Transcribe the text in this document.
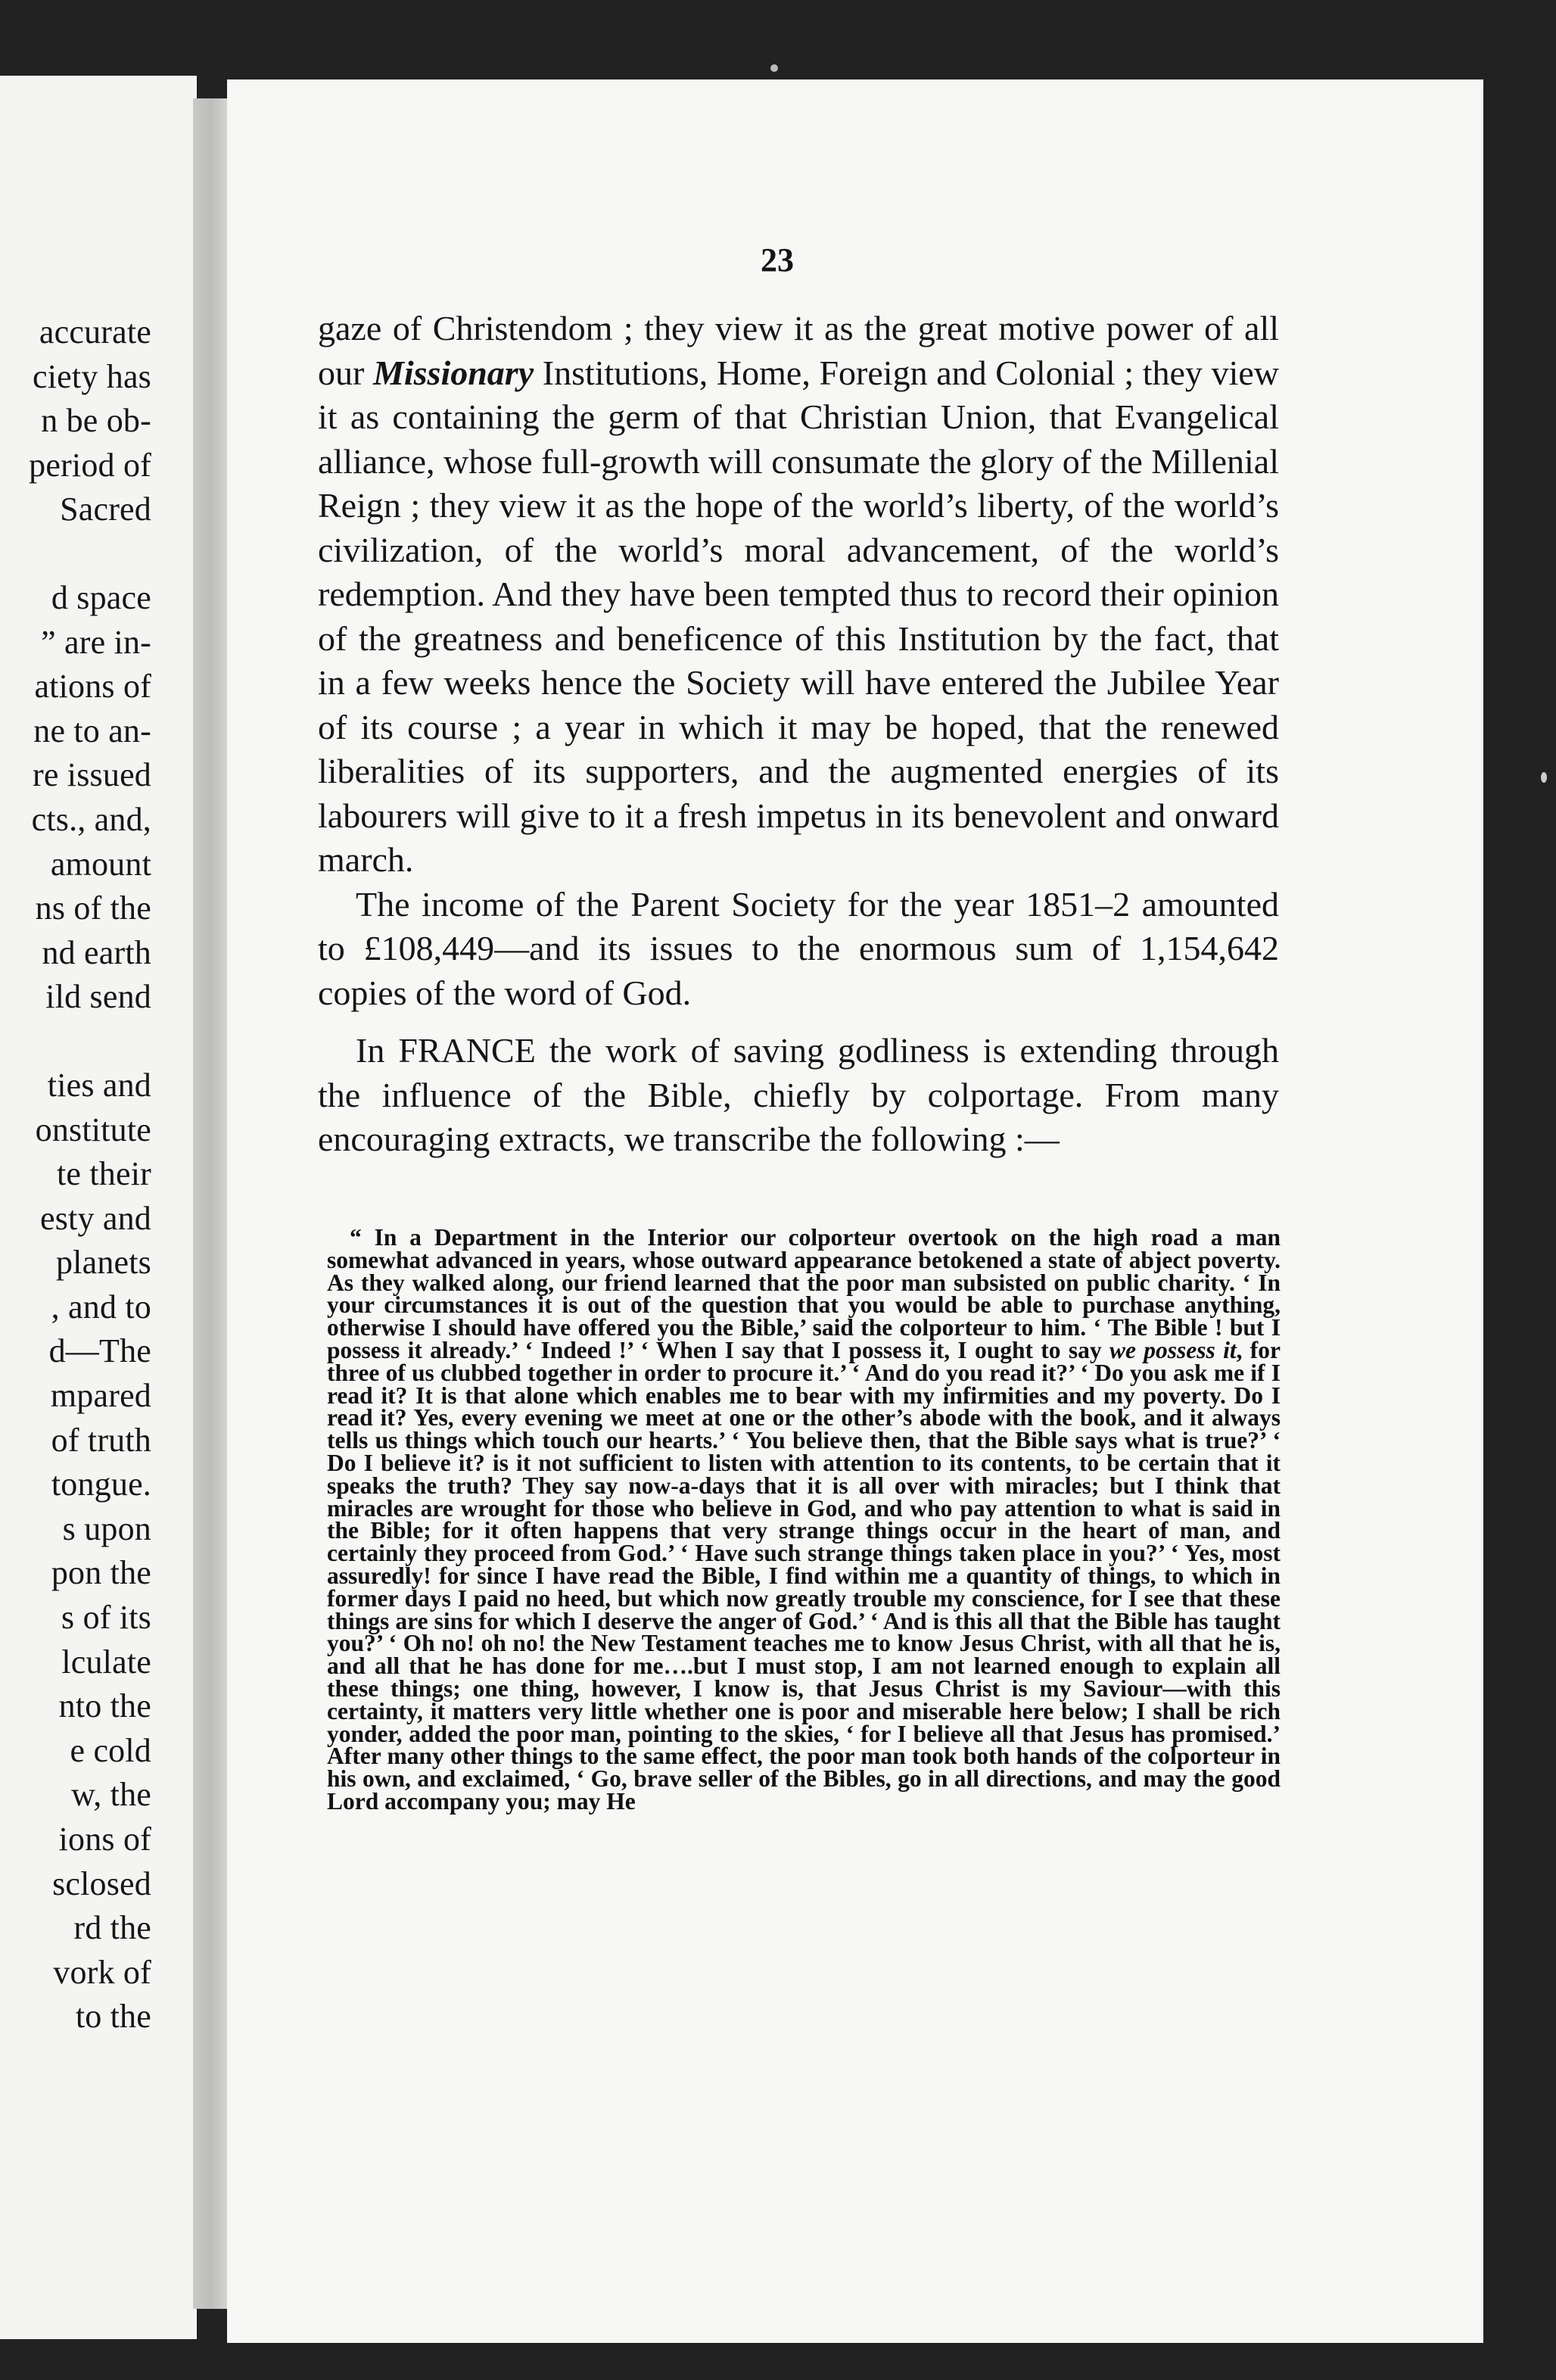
accurate
ciety has
n be ob-
period of
Sacred
d space
” are in-
ations of
ne to an-
re issued
cts., and,
amount
ns of the
nd earth
ild send
ties and
onstitute
te their
esty and
planets
, and to
d—The
mpared
of truth
tongue.
s upon
pon the
s of its
lculate
nto the
e cold
w, the
ions of
sclosed
rd the
vork of
to the
23

gaze of Christendom ; they view it as the great motive power of all our Missionary Institutions, Home, Foreign and Colonial ; they view it as containing the germ of that Christian Union, that Evangelical alliance, whose full-growth will consumate the glory of the Millenial Reign ; they view it as the hope of the world’s liberty, of the world’s civilization, of the world’s moral advancement, of the world’s redemption. And they have been tempted thus to record their opinion of the greatness and beneficence of this Institution by the fact, that in a few weeks hence the Society will have entered the Jubilee Year of its course ; a year in which it may be hoped, that the renewed liberalities of its supporters, and the augmented energies of its labourers will give to it a fresh impetus in its benevolent and onward march.

The income of the Parent Society for the year 1851–2 amounted to £108,449—and its issues to the enormous sum of 1,154,642 copies of the word of God.

In FRANCE the work of saving godliness is extending through the influence of the Bible, chiefly by colportage. From many encouraging extracts, we transcribe the following :—

“ In a Department in the Interior our colporteur overtook on the high road a man somewhat advanced in years, whose outward appearance betokened a state of abject poverty. As they walked along, our friend learned that the poor man subsisted on public charity. ‘ In your circumstances it is out of the question that you would be able to purchase anything, otherwise I should have offered you the Bible,’ said the colporteur to him. ‘ The Bible ! but I possess it already.’ ‘ Indeed !’ ‘ When I say that I possess it, I ought to say we possess it, for three of us clubbed together in order to procure it.’ ‘ And do you read it?’ ‘ Do you ask me if I read it? It is that alone which enables me to bear with my infirmities and my poverty. Do I read it? Yes, every evening we meet at one or the other’s abode with the book, and it always tells us things which touch our hearts.’ ‘ You believe then, that the Bible says what is true?’ ‘ Do I believe it? is it not sufficient to listen with attention to its contents, to be certain that it speaks the truth? They say now-a-days that it is all over with miracles; but I think that miracles are wrought for those who believe in God, and who pay attention to what is said in the Bible; for it often happens that very strange things occur in the heart of man, and certainly they proceed from God.’ ‘ Have such strange things taken place in you?’ ‘ Yes, most assuredly! for since I have read the Bible, I find within me a quantity of things, to which in former days I paid no heed, but which now greatly trouble my conscience, for I see that these things are sins for which I deserve the anger of God.’ ‘ And is this all that the Bible has taught you?’ ‘ Oh no! oh no! the New Testament teaches me to know Jesus Christ, with all that he is, and all that he has done for me….but I must stop, I am not learned enough to explain all these things; one thing, however, I know is, that Jesus Christ is my Saviour—with this certainty, it matters very little whether one is poor and miserable here below; I shall be rich yonder, added the poor man, pointing to the skies, ‘ for I believe all that Jesus has promised.’ After many other things to the same effect, the poor man took both hands of the colporteur in his own, and exclaimed, ‘ Go, brave seller of the Bibles, go in all directions, and may the good Lord accompany you; may He
